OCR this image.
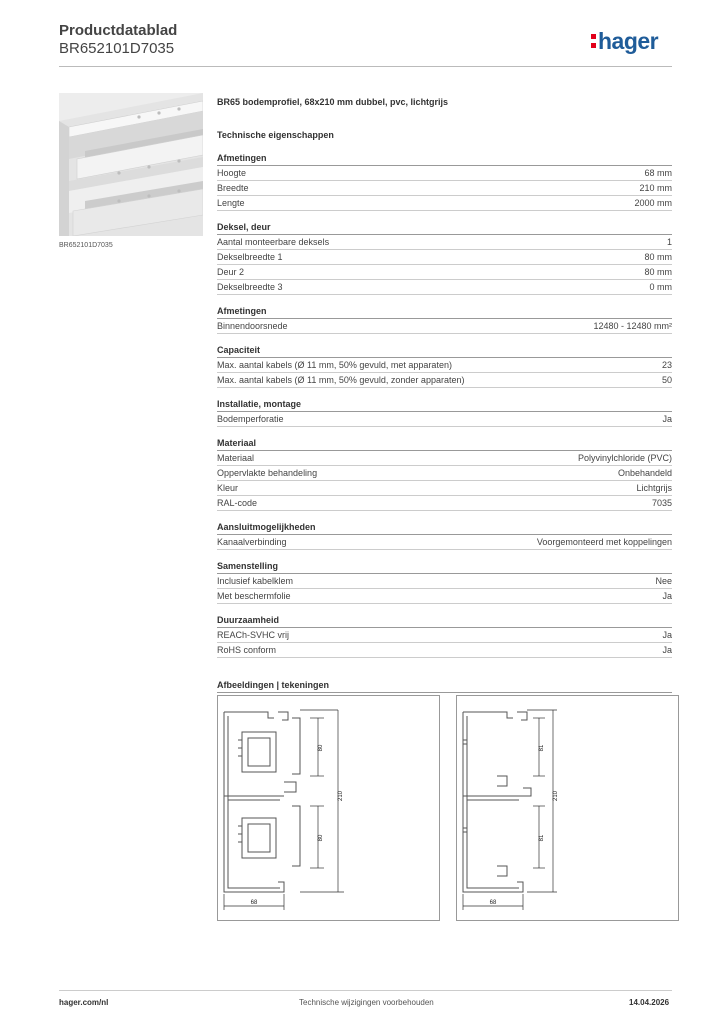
Productdatablad
BR652101D7035	hager
BR652101D7035
BR65 bodemprofiel, 68x210 mm dubbel, pvc, lichtgrijs
Technische eigenschappen
Afmetingen
Hoogte	68 mm
Breedte	210 mm
Lengte	2000 mm
Deksel, deur
Aantal monteerbare deksels	1
Dekselbreedte 1	80 mm
Deur 2	80 mm
Dekselbreedte 3	0 mm
Afmetingen
Binnendoorsnede	12480 - 12480 mm²
Capaciteit
Max. aantal kabels (Ø 11 mm, 50% gevuld, met apparaten)	23
Max. aantal kabels (Ø 11 mm, 50% gevuld, zonder apparaten)	50
Installatie, montage
Bodemperforatie	Ja
Materiaal
Materiaal	Polyvinylchloride (PVC)
Oppervlakte behandeling	Onbehandeld
Kleur	Lichtgrijs
RAL-code	7035
Aansluitmogelijkheden
Kanaalverbinding	Voorgemonteerd met koppelingen
Samenstelling
Inclusief kabelklem	Nee
Met beschermfolie	Ja
Duurzaamheid
REACh-SVHC vrij	Ja
RoHS conform	Ja
Afbeeldingen | tekeningen
80
80
210
68
81
81
210
68
hager.com/nl	Technische wijzigingen voorbehouden	14.04.2026
